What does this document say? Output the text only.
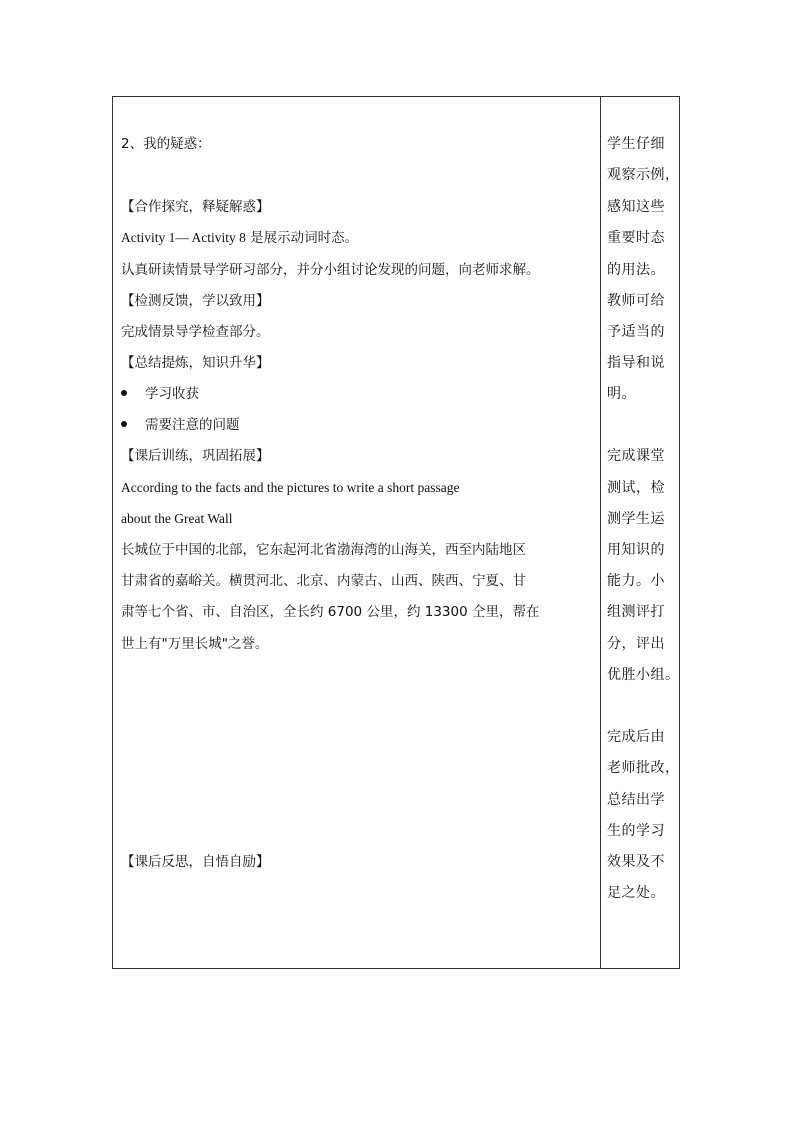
2、我的疑惑：
【合作探究，释疑解惑】
Activity 1— Activity 8 是展示动词时态。
认真研读情景导学研习部分，并分小组讨论发现的问题，向老师求解。
【检测反馈，学以致用】
完成情景导学检查部分。
【总结提炼，知识升华】
学习收获
需要注意的问题
【课后训练，巩固拓展】
According to the facts and the pictures to write a short passage
about the Great Wall
长城位于中国的北部，它东起河北省渤海湾的山海关，西至内陆地区
甘肃省的嘉峪关。横贯河北、北京、内蒙古、山西、陕西、宁夏、甘
肃等七个省、市、自治区，全长约 6700 公里，约 13300 仝里，帮在
世上有"万里长城"之誉。
【课后反思，自悟自励】
学生仔细
观察示例，
感知这些
重要时态
的用法。
教师可给
予适当的
指导和说
明。
完成课堂
测试，检
测学生运
用知识的
能力。小
组测评打
分，评出
优胜小组。
完成后由
老师批改，
总结出学
生的学习
效果及不
足之处。
